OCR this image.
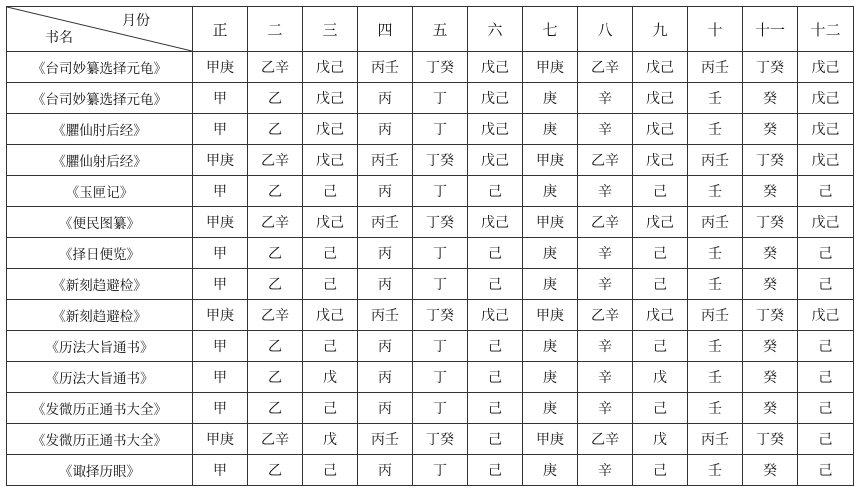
月份
书名	正	二	三	四	五	六	七	八	九	十	十一	十二
《台司妙纂选择元龟》	甲庚	乙辛	戊己	丙壬	丁癸	戊己	甲庚	乙辛	戊己	丙壬	丁癸	戊己
《台司妙纂选择元龟》	甲	乙	戊己	丙	丁	戊己	庚	辛	戊己	壬	癸	戊己
《臞仙肘后经》	甲	乙	戊己	丙	丁	戊己	庚	辛	戊己	壬	癸	戊己
《臞仙射后经》	甲庚	乙辛	戊己	丙壬	丁癸	戊己	甲庚	乙辛	戊己	丙壬	丁癸	戊己
《玉匣记》	甲	乙	己	丙	丁	己	庚	辛	己	壬	癸	己
《便民图纂》	甲庚	乙辛	戊己	丙壬	丁癸	戊己	甲庚	乙辛	戊己	丙壬	丁癸	戊己
《择日便览》	甲	乙	己	丙	丁	己	庚	辛	己	壬	癸	己
《新刻趋避检》	甲	乙	己	丙	丁	己	庚	辛	己	壬	癸	己
《新刻趋避检》	甲庚	乙辛	戊己	丙壬	丁癸	戊己	甲庚	乙辛	戊己	丙壬	丁癸	戊己
《历法大旨通书》	甲	乙	己	丙	丁	己	庚	辛	己	壬	癸	己
《历法大旨通书》	甲	乙	戊	丙	丁	己	庚	辛	戊	壬	癸	己
《发微历正通书大全》	甲	乙	己	丙	丁	己	庚	辛	己	壬	癸	己
《发微历正通书大全》	甲庚	乙辛	戊	丙壬	丁癸	己	甲庚	乙辛	戊	丙壬	丁癸	己
《诹择历眼》	甲	乙	己	丙	丁	己	庚	辛	己	壬	癸	己
